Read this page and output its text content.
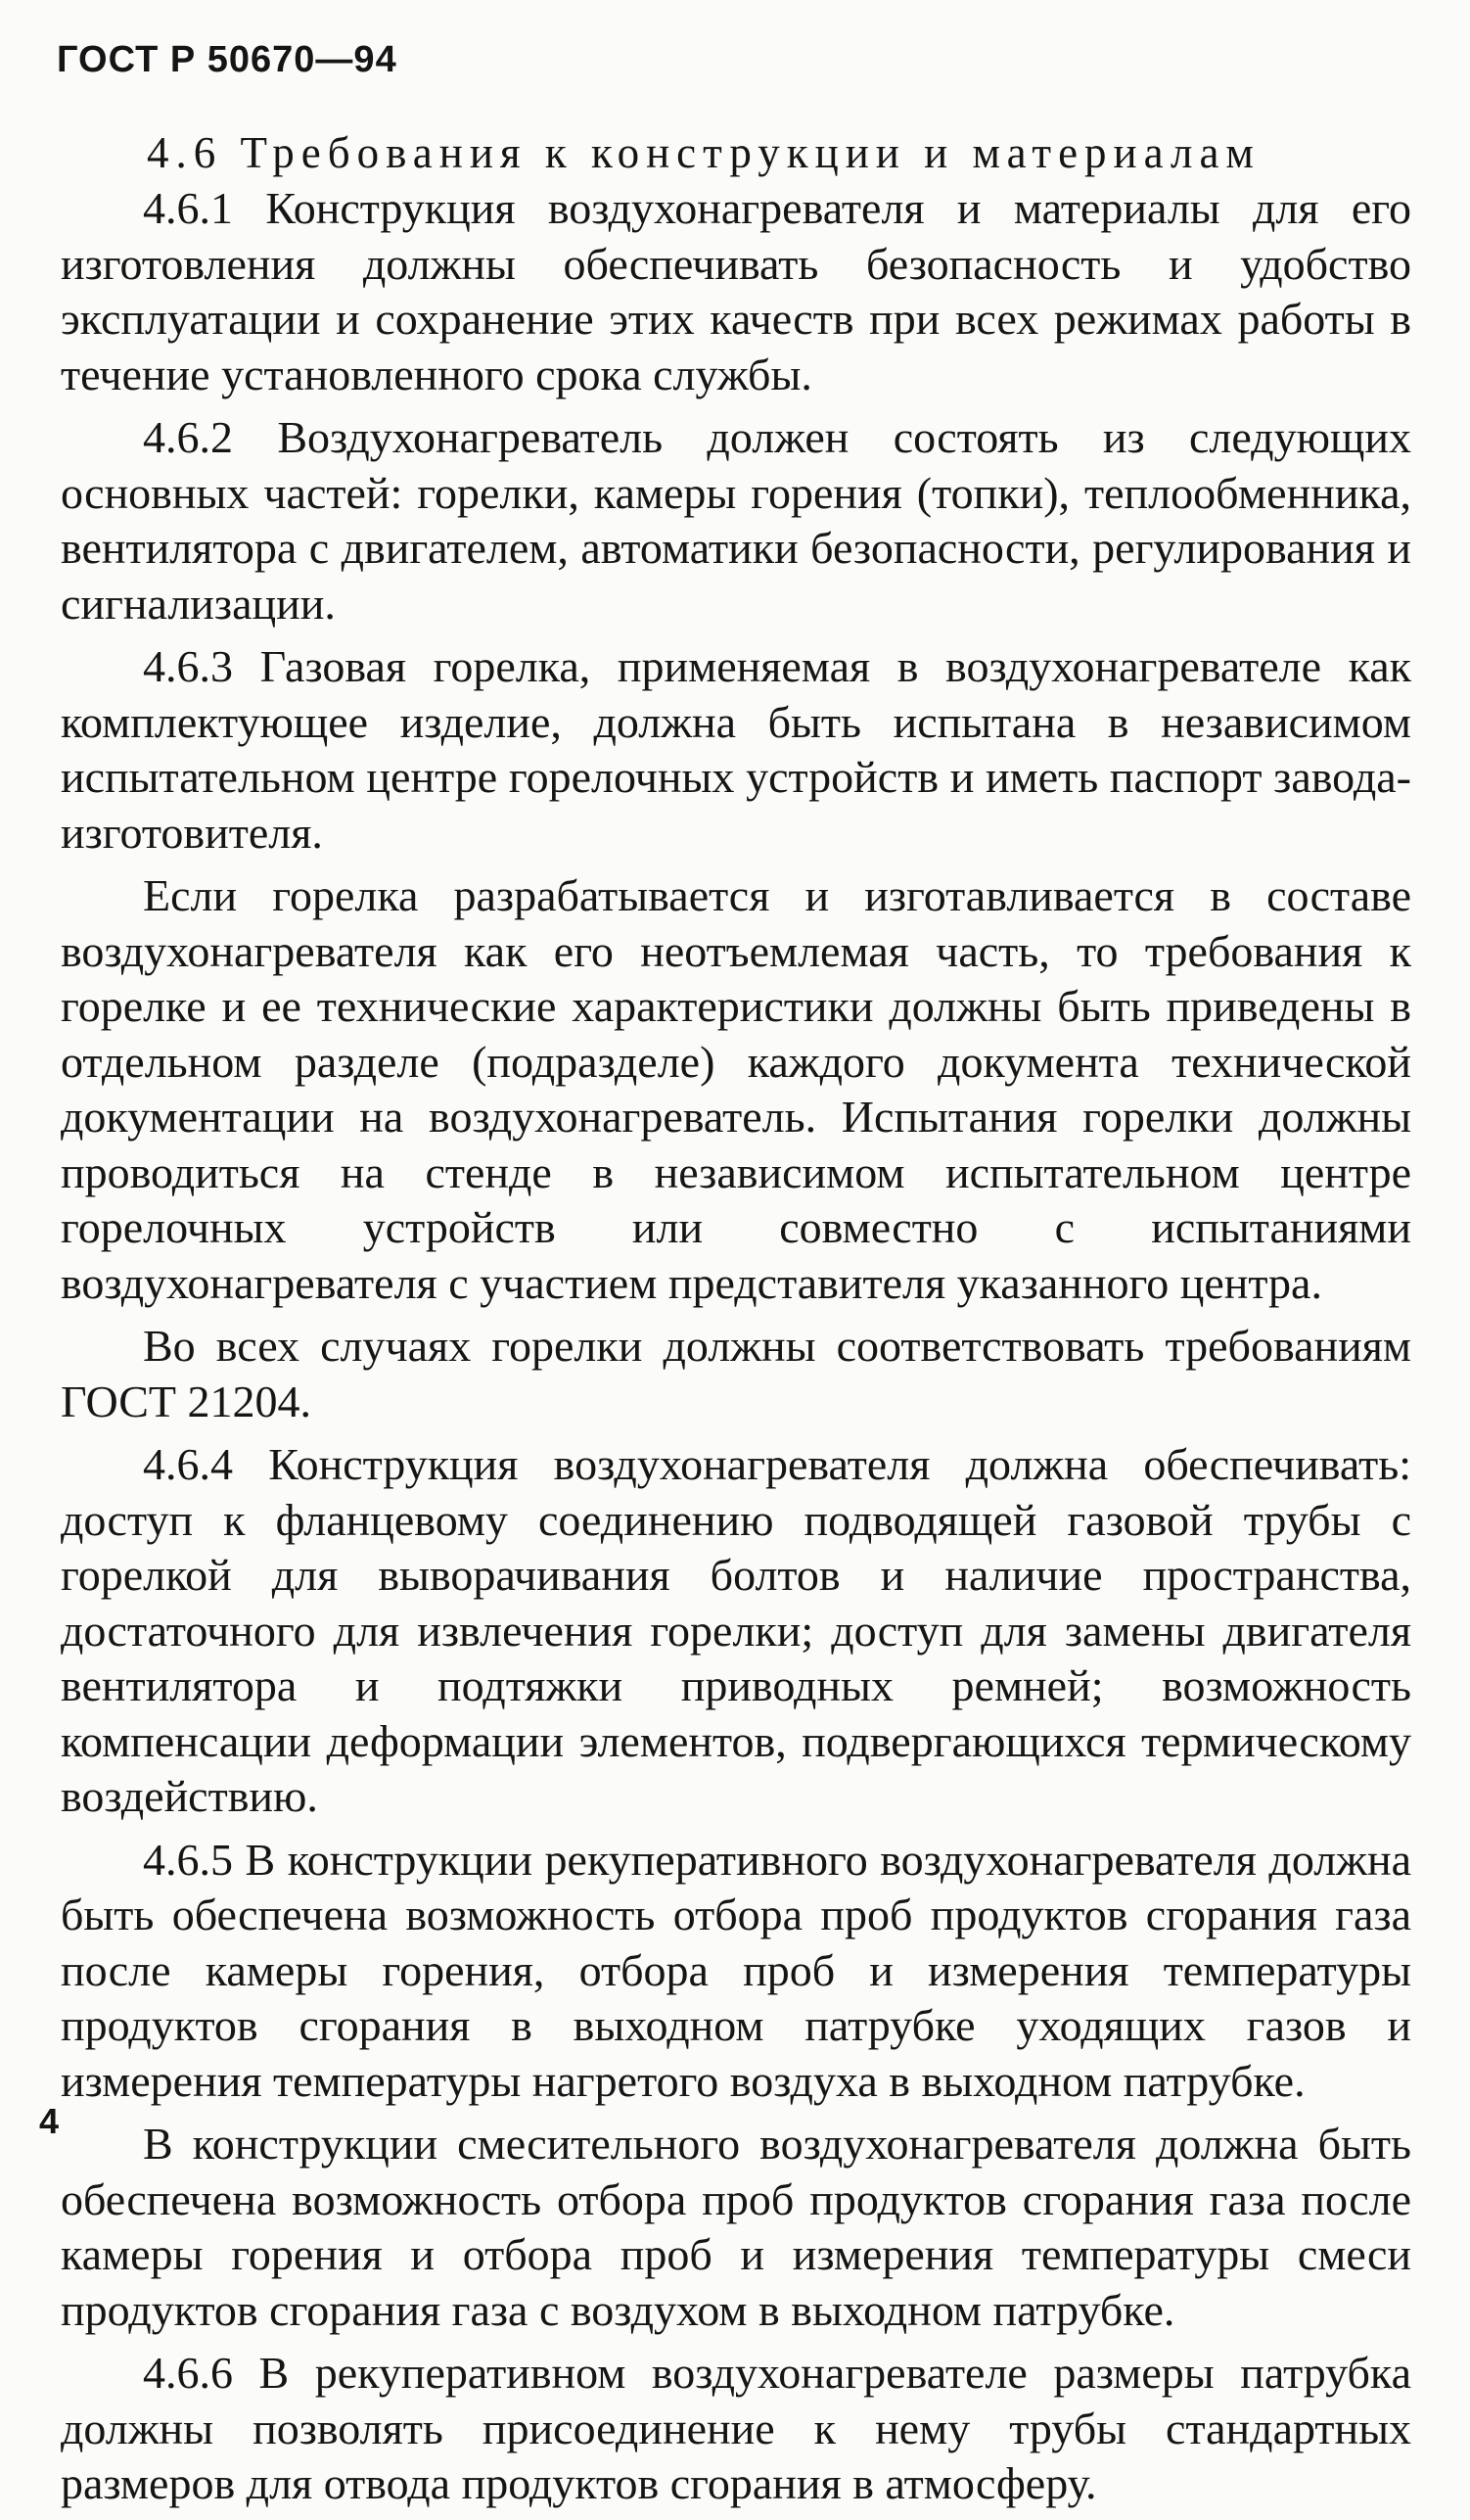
ГОСТ Р 50670—94

4.6 Требования к конструкции и материалам

4.6.1 Конструкция воздухонагревателя и материалы для его изготовления должны обеспечивать безопасность и удобство эксплуатации и сохранение этих качеств при всех режимах работы в течение установленного срока службы.

4.6.2 Воздухонагреватель должен состоять из следующих основных частей: горелки, камеры горения (топки), теплообменника, вентилятора с двигателем, автоматики безопасности, регулирования и сигнализации.

4.6.3 Газовая горелка, применяемая в воздухонагревателе как комплектующее изделие, должна быть испытана в независимом испытательном центре горелочных устройств и иметь паспорт завода-изготовителя.

Если горелка разрабатывается и изготавливается в составе воздухонагревателя как его неотъемлемая часть, то требования к горелке и ее технические характеристики должны быть приведены в отдельном разделе (подразделе) каждого документа технической документации на воздухонагреватель. Испытания горелки должны проводиться на стенде в независимом испытательном центре горелочных устройств или совместно с испытаниями воздухонагревателя с участием представителя указанного центра.

Во всех случаях горелки должны соответствовать требованиям ГОСТ 21204.

4.6.4 Конструкция воздухонагревателя должна обеспечивать: доступ к фланцевому соединению подводящей газовой трубы с горелкой для выворачивания болтов и наличие пространства, достаточного для извлечения горелки; доступ для замены двигателя вентилятора и подтяжки приводных ремней; возможность компенсации деформации элементов, подвергающихся термическому воздействию.

4.6.5 В конструкции рекуперативного воздухонагревателя должна быть обеспечена возможность отбора проб продуктов сгорания газа после камеры горения, отбора проб и измерения температуры продуктов сгорания в выходном патрубке уходящих газов и измерения температуры нагретого воздуха в выходном патрубке.

В конструкции смесительного воздухонагревателя должна быть обеспечена возможность отбора проб продуктов сгорания газа после камеры горения и отбора проб и измерения температуры смеси продуктов сгорания газа с воздухом в выходном патрубке.

4.6.6 В рекуперативном воздухонагревателе размеры патрубка должны позволять присоединение к нему трубы стандартных размеров для отвода продуктов сгорания в атмосферу.

4
